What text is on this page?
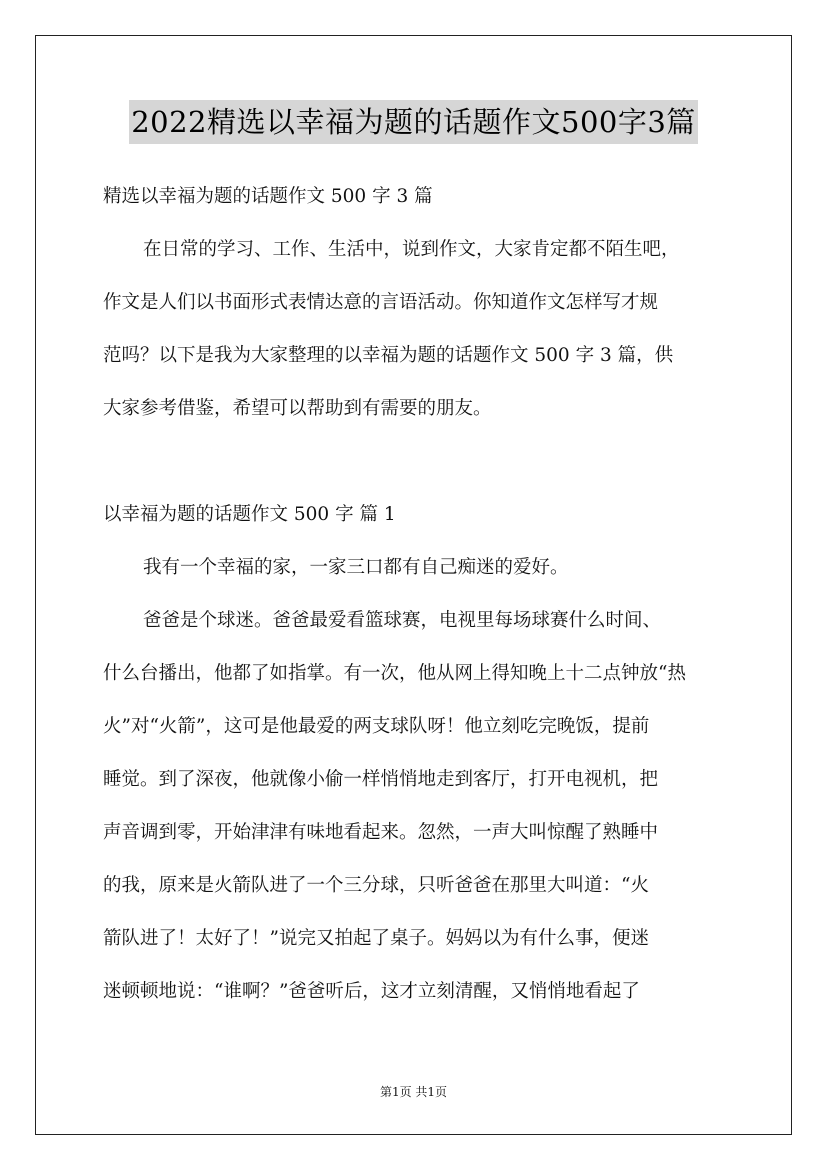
2022精选以幸福为题的话题作文500字3篇
精选以幸福为题的话题作文 500 字 3 篇
在日常的学习、工作、生活中，说到作文，大家肯定都不陌生吧，
作文是人们以书面形式表情达意的言语活动。你知道作文怎样写才规
范吗？以下是我为大家整理的以幸福为题的话题作文 500 字 3 篇，供
大家参考借鉴，希望可以帮助到有需要的朋友。
以幸福为题的话题作文 500 字 篇 1
我有一个幸福的家，一家三口都有自己痴迷的爱好。
爸爸是个球迷。爸爸最爱看篮球赛，电视里每场球赛什么时间、
什么台播出，他都了如指掌。有一次，他从网上得知晚上十二点钟放“热
火”对“火箭”，这可是他最爱的两支球队呀！他立刻吃完晚饭，提前
睡觉。到了深夜，他就像小偷一样悄悄地走到客厅，打开电视机，把
声音调到零，开始津津有味地看起来。忽然，一声大叫惊醒了熟睡中
的我，原来是火箭队进了一个三分球，只听爸爸在那里大叫道：“火
箭队进了！太好了！”说完又拍起了桌子。妈妈以为有什么事，便迷
迷顿顿地说：“谁啊？”爸爸听后，这才立刻清醒，又悄悄地看起了
第1页 共1页
